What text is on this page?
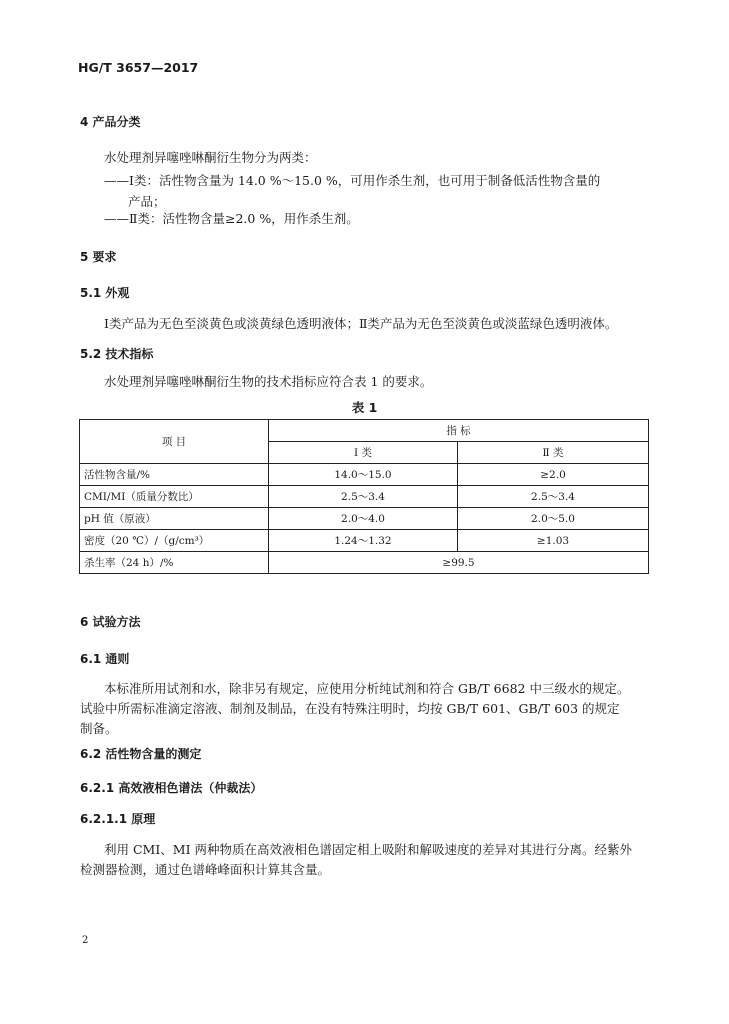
HG/T 3657—2017
4 产品分类
水处理剂异噻唑啉酮衍生物分为两类：
——Ⅰ类：活性物含量为 14.0 %～15.0 %，可用作杀生剂，也可用于制备低活性物含量的
产品；
——Ⅱ类：活性物含量≥2.0 %，用作杀生剂。
5 要求
5.1 外观
Ⅰ类产品为无色至淡黄色或淡黄绿色透明液体；Ⅱ类产品为无色至淡黄色或淡蓝绿色透明液体。
5.2 技术指标
水处理剂异噻唑啉酮衍生物的技术指标应符合表 1 的要求。
表 1
项 目	指 标	
	Ⅰ 类	Ⅱ 类
活性物含量/%	14.0～15.0	≥2.0
CMI/MI（质量分数比）	2.5～3.4	2.5～3.4
pH 值（原液）	2.0～4.0	2.0～5.0
密度（20 ℃）/（g/cm³）	1.24～1.32	≥1.03
杀生率（24 h）/%	≥99.5	
6 试验方法
6.1 通则
本标准所用试剂和水，除非另有规定，应使用分析纯试剂和符合 GB/T 6682 中三级水的规定。
试验中所需标准滴定溶液、制剂及制品，在没有特殊注明时，均按 GB/T 601、GB/T 603 的规定
制备。
6.2 活性物含量的测定
6.2.1 高效液相色谱法（仲裁法）
6.2.1.1 原理
利用 CMI、MI 两种物质在高效液相色谱固定相上吸附和解吸速度的差异对其进行分离。经紫外
检测器检测，通过色谱峰峰面积计算其含量。
2
